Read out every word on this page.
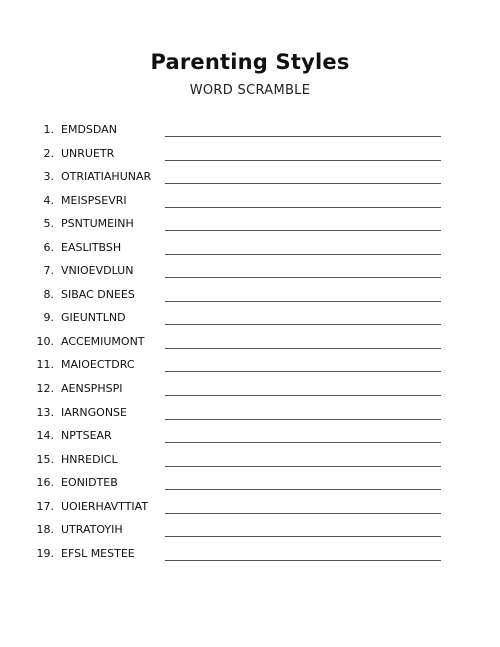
Parenting Styles
WORD SCRAMBLE
1. EMDSDAN
2. UNRUETR
3. OTRIATIAHUNAR
4. MEISPSEVRI
5. PSNTUMEINH
6. EASLITBSH
7. VNIOEVDLUN
8. SIBAC DNEES
9. GIEUNTLND
10. ACCEMIUMONT
11. MAIOECTDRC
12. AENSPHSPI
13. IARNGONSE
14. NPTSEAR
15. HNREDICL
16. EONIDTEB
17. UOIERHAVTTIAT
18. UTRATOYIH
19. EFSL MESTEE
